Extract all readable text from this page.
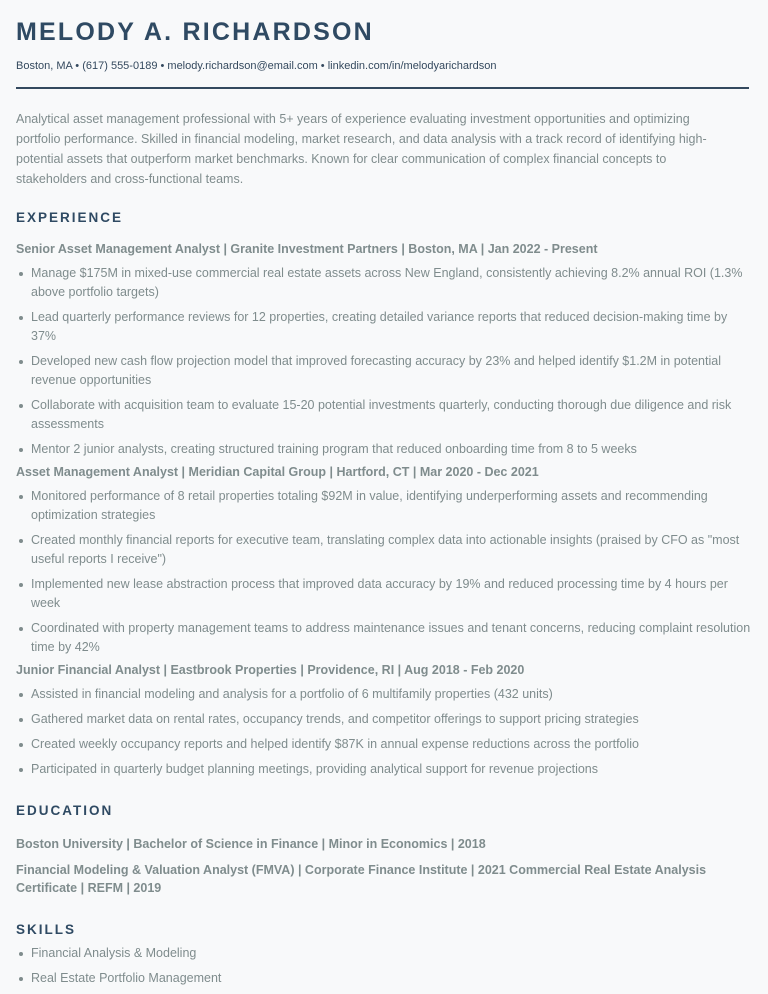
MELODY A. RICHARDSON
Boston, MA • (617) 555-0189 • melody.richardson@email.com • linkedin.com/in/melodyarichardson
Analytical asset management professional with 5+ years of experience evaluating investment opportunities and optimizing portfolio performance. Skilled in financial modeling, market research, and data analysis with a track record of identifying high-potential assets that outperform market benchmarks. Known for clear communication of complex financial concepts to stakeholders and cross-functional teams.
EXPERIENCE
Senior Asset Management Analyst | Granite Investment Partners | Boston, MA | Jan 2022 - Present
Manage $175M in mixed-use commercial real estate assets across New England, consistently achieving 8.2% annual ROI (1.3% above portfolio targets)
Lead quarterly performance reviews for 12 properties, creating detailed variance reports that reduced decision-making time by 37%
Developed new cash flow projection model that improved forecasting accuracy by 23% and helped identify $1.2M in potential revenue opportunities
Collaborate with acquisition team to evaluate 15-20 potential investments quarterly, conducting thorough due diligence and risk assessments
Mentor 2 junior analysts, creating structured training program that reduced onboarding time from 8 to 5 weeks
Asset Management Analyst | Meridian Capital Group | Hartford, CT | Mar 2020 - Dec 2021
Monitored performance of 8 retail properties totaling $92M in value, identifying underperforming assets and recommending optimization strategies
Created monthly financial reports for executive team, translating complex data into actionable insights (praised by CFO as "most useful reports I receive")
Implemented new lease abstraction process that improved data accuracy by 19% and reduced processing time by 4 hours per week
Coordinated with property management teams to address maintenance issues and tenant concerns, reducing complaint resolution time by 42%
Junior Financial Analyst | Eastbrook Properties | Providence, RI | Aug 2018 - Feb 2020
Assisted in financial modeling and analysis for a portfolio of 6 multifamily properties (432 units)
Gathered market data on rental rates, occupancy trends, and competitor offerings to support pricing strategies
Created weekly occupancy reports and helped identify $87K in annual expense reductions across the portfolio
Participated in quarterly budget planning meetings, providing analytical support for revenue projections
EDUCATION
Boston University | Bachelor of Science in Finance | Minor in Economics | 2018
Financial Modeling & Valuation Analyst (FMVA) | Corporate Finance Institute | 2021 Commercial Real Estate Analysis Certificate | REFM | 2019
SKILLS
Financial Analysis & Modeling
Real Estate Portfolio Management
